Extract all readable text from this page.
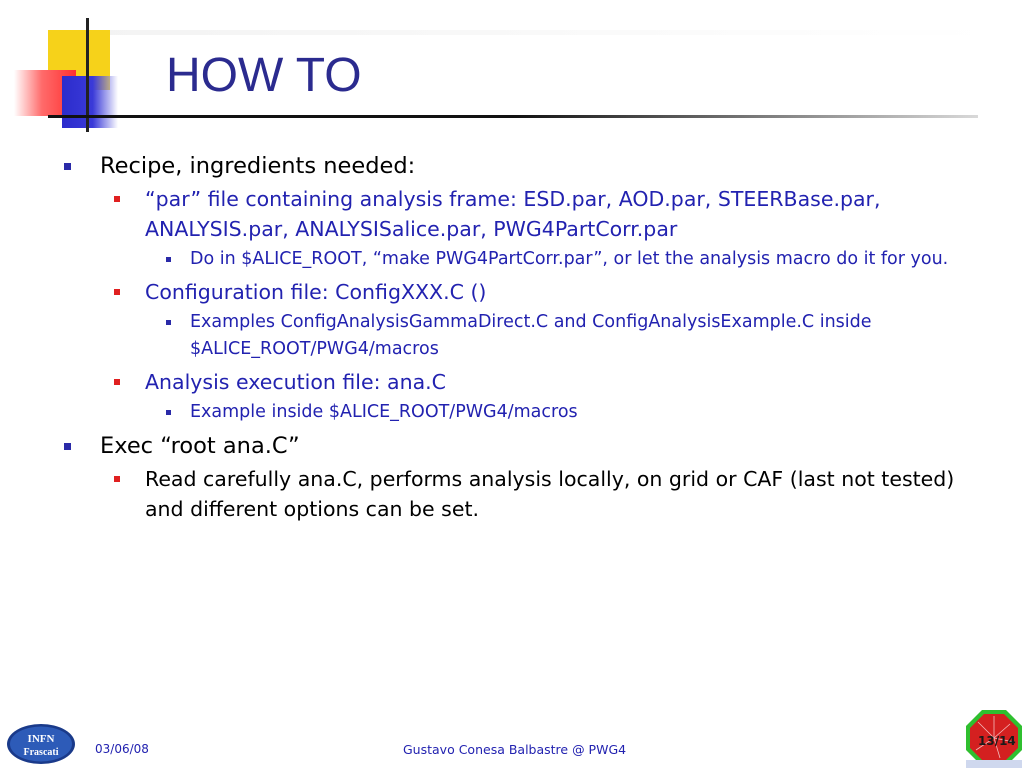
HOW TO
Recipe, ingredients needed:
“par” file containing analysis frame: ESD.par, AOD.par, STEERBase.par, ANALYSIS.par, ANALYSISalice.par, PWG4PartCorr.par
Do in $ALICE_ROOT, “make PWG4PartCorr.par”, or let the analysis macro do it for you.
Configuration file: ConfigXXX.C ()
Examples ConfigAnalysisGammaDirect.C and ConfigAnalysisExample.C inside $ALICE_ROOT/PWG4/macros
Analysis execution file: ana.C
Example inside $ALICE_ROOT/PWG4/macros
Exec “root ana.C”
Read carefully ana.C, performs analysis locally, on grid or CAF (last not tested) and different options can be set.
INFN
Frascati	03/06/08	Gustavo Conesa Balbastre @ PWG4
13/14
